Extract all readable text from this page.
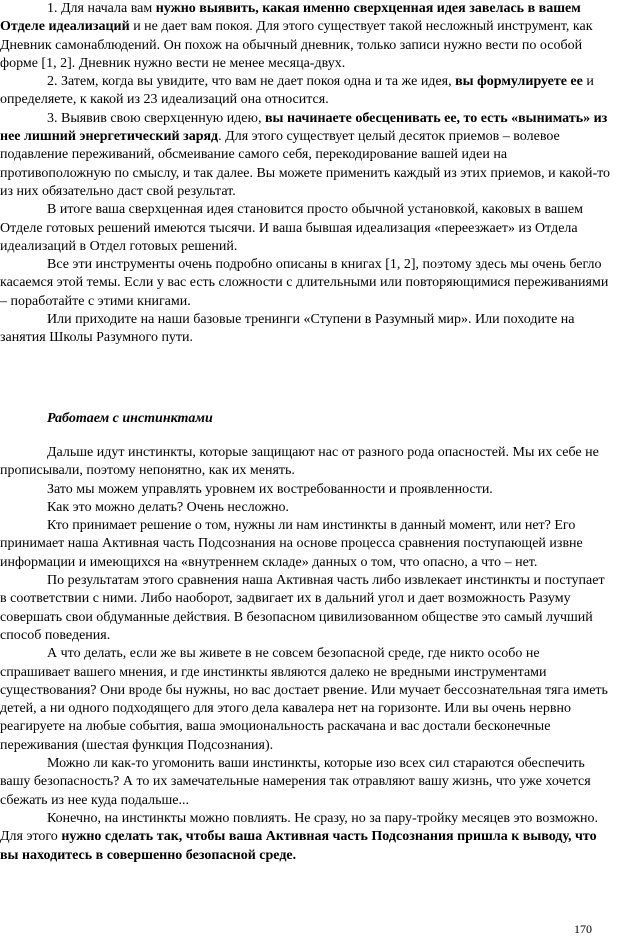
1. Для начала вам нужно выявить, какая именно сверхценная идея завелась в вашем Отделе идеализаций и не дает вам покоя. Для этого существует такой несложный инструмент, как Дневник самонаблюдений. Он похож на обычный дневник, только записи нужно вести по особой форме [1, 2]. Дневник нужно вести не менее месяца-двух.

2. Затем, когда вы увидите, что вам не дает покоя одна и та же идея, вы формулируете ее и определяете, к какой из 23 идеализаций она относится.

3. Выявив свою сверхценную идею, вы начинаете обесценивать ее, то есть «вынимать» из нее лишний энергетический заряд. Для этого существует целый десяток приемов – волевое подавление переживаний, обсмеивание самого себя, перекодирование вашей идеи на противоположную по смыслу, и так далее. Вы можете применить каждый из этих приемов, и какой-то из них обязательно даст свой результат.

В итоге ваша сверхценная идея становится просто обычной установкой, каковых в вашем Отделе готовых решений имеются тысячи. И ваша бывшая идеализация «переезжает» из Отдела идеализаций в Отдел готовых решений.

Все эти инструменты очень подробно описаны в книгах [1, 2], поэтому здесь мы очень бегло касаемся этой темы. Если у вас есть сложности с длительными или повторяющимися переживаниями – поработайте с этими книгами.

Или приходите на наши базовые тренинги «Ступени в Разумный мир». Или походите на занятия Школы Разумного пути.

Работаем с инстинктами

Дальше идут инстинкты, которые защищают нас от разного рода опасностей. Мы их себе не прописывали, поэтому непонятно, как их менять.

Зато мы можем управлять уровнем их востребованности и проявленности.

Как это можно делать? Очень несложно.

Кто принимает решение о том, нужны ли нам инстинкты в данный момент, или нет? Его принимает наша Активная часть Подсознания на основе процесса сравнения поступающей извне информации и имеющихся на «внутреннем складе» данных о том, что опасно, а что – нет.

По результатам этого сравнения наша Активная часть либо извлекает инстинкты и поступает в соответствии с ними. Либо наоборот, задвигает их в дальний угол и дает возможность Разуму совершать свои обдуманные действия. В безопасном цивилизованном обществе это самый лучший способ поведения.

А что делать, если же вы живете в не совсем безопасной среде, где никто особо не спрашивает вашего мнения, и где инстинкты являются далеко не вредными инструментами существования? Они вроде бы нужны, но вас достает рвение. Или мучает бессознательная тяга иметь детей, а ни одного подходящего для этого дела кавалера нет на горизонте. Или вы очень нервно реагируете на любые события, ваша эмоциональность раскачана и вас достали бесконечные переживания (шестая функция Подсознания).

Можно ли как-то угомонить ваши инстинкты, которые изо всех сил стараются обеспечить вашу безопасность? А то их замечательные намерения так отравляют вашу жизнь, что уже хочется сбежать из нее куда подальше...

Конечно, на инстинкты можно повлиять. Не сразу, но за пару-тройку месяцев это возможно. Для этого нужно сделать так, чтобы ваша Активная часть Подсознания пришла к выводу, что вы находитесь в совершенно безопасной среде.

170
